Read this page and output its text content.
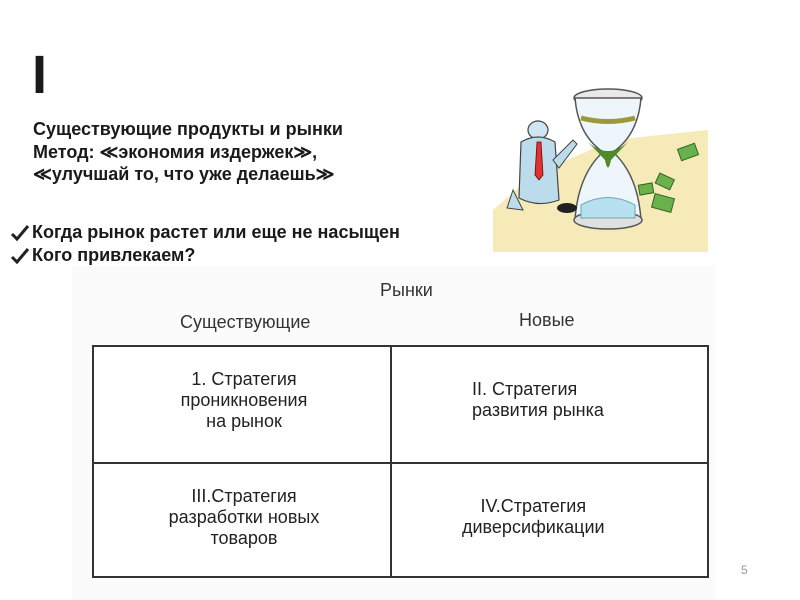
I
Существующие продукты и рынки
Метод: ≪экономия издержек≫,
≪улучшай то, что уже делаешь≫
Когда рынок растет или еще не насыщен
Кого привлекаем?
Рынки
Существующие	Новые
1. Стратегия
проникновения
на рынок
II. Стратегия
развития рынка
III.Стратегия
разработки новых
товаров
IV.Стратегия
диверсификации
5
